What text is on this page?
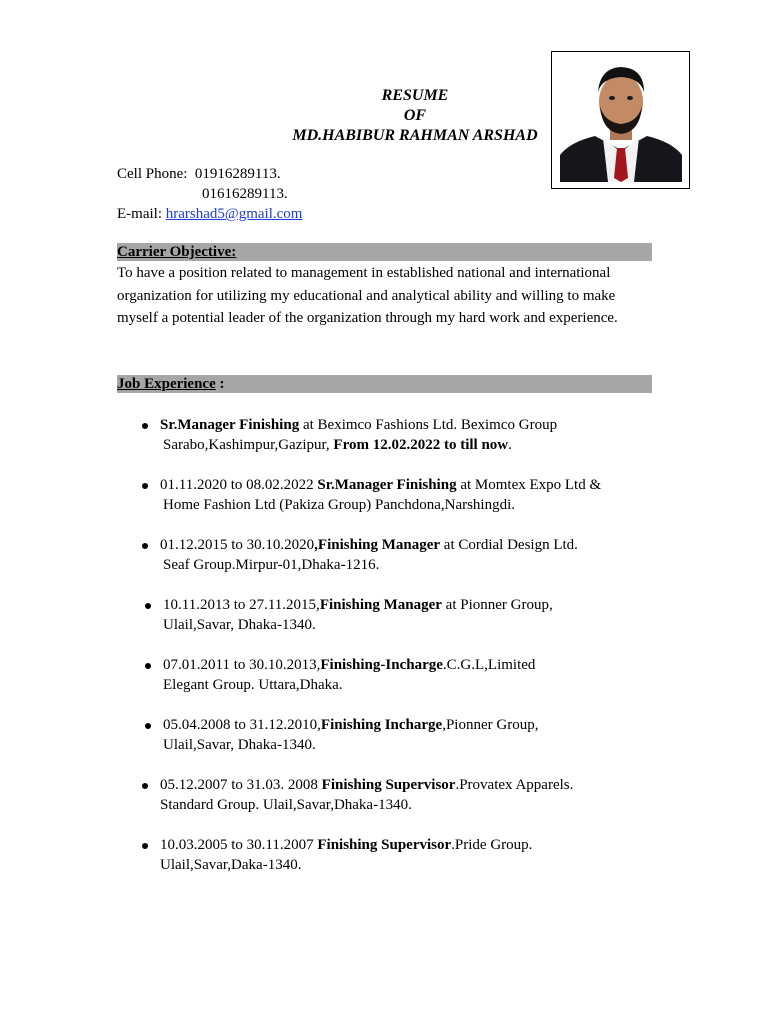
RESUME
OF
MD.HABIBUR RAHMAN ARSHAD
Cell Phone: 01916289113.
01616289113.
E-mail: hrarshad5@gmail.com
Carrier Objective:
To have a position related to management in established national and international organization for utilizing my educational and analytical ability and willing to make myself a potential leader of the organization through my hard work and experience.
Job Experience :
Sr.Manager Finishing at Beximco Fashions Ltd. Beximco Group
Sarabo,Kashimpur,Gazipur, From 12.02.2022 to till now.
01.11.2020 to 08.02.2022 Sr.Manager Finishing at Momtex Expo Ltd &
Home Fashion Ltd (Pakiza Group) Panchdona,Narshingdi.
01.12.2015 to 30.10.2020,Finishing Manager at Cordial Design Ltd.
Seaf Group.Mirpur-01,Dhaka-1216.
10.11.2013 to 27.11.2015,Finishing Manager at Pionner Group,
Ulail,Savar, Dhaka-1340.
07.01.2011 to 30.10.2013,Finishing-Incharge.C.G.L,Limited
Elegant Group. Uttara,Dhaka.
05.04.2008 to 31.12.2010,Finishing Incharge,Pionner Group,
Ulail,Savar, Dhaka-1340.
05.12.2007 to 31.03. 2008 Finishing Supervisor.Provatex Apparels.
Standard Group. Ulail,Savar,Dhaka-1340.
10.03.2005 to 30.11.2007 Finishing Supervisor.Pride Group.
Ulail,Savar,Daka-1340.
